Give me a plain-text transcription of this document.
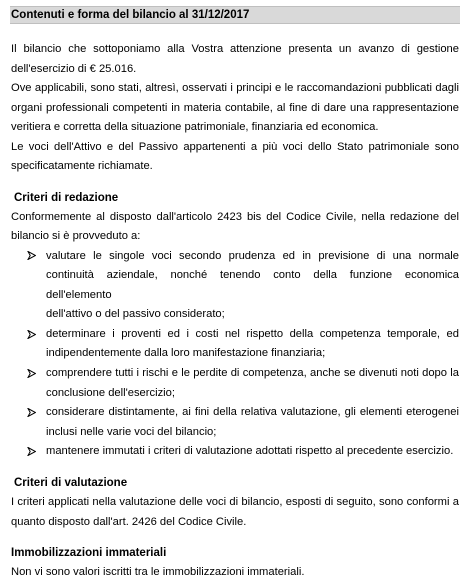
Contenuti e forma del bilancio al 31/12/2017
Il bilancio che sottoponiamo alla Vostra attenzione presenta un avanzo di gestione
dell'esercizio di € 25.016.
Ove applicabili, sono stati, altresì, osservati i principi e le raccomandazioni pubblicati dagli
organi professionali competenti in materia contabile, al fine di dare una rappresentazione
veritiera e corretta della situazione patrimoniale, finanziaria ed economica.
Le voci dell'Attivo e del Passivo appartenenti a più voci dello Stato patrimoniale sono
specificatamente richiamate.
Criteri di redazione
Conformemente al disposto dall'articolo 2423 bis del Codice Civile, nella redazione del
bilancio si è provveduto a:
valutare le singole voci secondo prudenza ed in previsione di una normale
continuità aziendale, nonché tenendo conto della funzione economica dell'elemento
dell'attivo o del passivo considerato;
determinare i proventi ed i costi nel rispetto della competenza temporale, ed
indipendentemente dalla loro manifestazione finanziaria;
comprendere tutti i rischi e le perdite di competenza, anche se divenuti noti dopo la
conclusione dell'esercizio;
considerare distintamente, ai fini della relativa valutazione, gli elementi eterogenei
inclusi nelle varie voci del bilancio;
mantenere immutati i criteri di valutazione adottati rispetto al precedente esercizio.
Criteri di valutazione
I criteri applicati nella valutazione delle voci di bilancio, esposti di seguito, sono conformi a
quanto disposto dall'art. 2426 del Codice Civile.
Immobilizzazioni immateriali
Non vi sono valori iscritti tra le immobilizzazioni immateriali.
